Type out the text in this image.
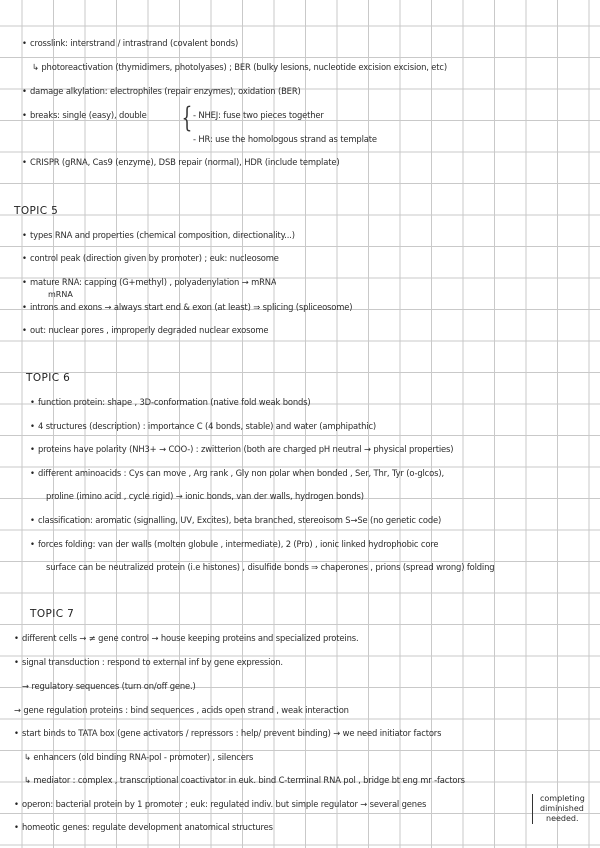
• crosslink: interstrand / intrastrand (covalent bonds)
↳ photoreactivation (thymidimers, photolyases) ; BER (bulky lesions, nucleotide excision excision, etc)
• damage alkylation: electrophiles (repair enzymes), oxidation (BER)
• breaks: single (easy), double { - NHEJ: fuse two pieces together
- HR: use the homologous strand as template
• CRISPR (gRNA, Cas9 (enzyme), DSB repair (normal), HDR (include template)
TOPIC 5
• types RNA and properties (chemical composition, directionality...)
• control peak (direction given by promoter) ; euk: nucleosome
• mature RNA: capping (G+methyl) , polyadenylation → mRNA
mRNA
• introns and exons → always start end & exon (at least) ⇒ splicing (spliceosome)
• out: nuclear pores , improperly degraded nuclear exosome
TOPIC 6
• function protein: shape , 3D-conformation (native fold weak bonds)
• 4 structures (description) : importance C (4 bonds, stable) and water (amphipathic)
• proteins have polarity (NH3+ → COO-) : zwitterion (both are charged pH neutral → physical properties)
• different aminoacids : Cys can move , Arg rank , Gly non polar when bonded , Ser, Thr, Tyr (o-glcos),
proline (imino acid , cycle rigid) → ionic bonds, van der walls, hydrogen bonds)
• classification: aromatic (signalling, UV, Excites), beta branched, stereoisom S→Se (no genetic code)
• forces folding: van der walls (molten globule , intermediate), 2 (Pro) , ionic linked hydrophobic core
surface can be neutralized protein (i.e histones) , disulfide bonds ⇒ chaperones , prions (spread wrong) folding
TOPIC 7
• different cells → ≠ gene control → house keeping proteins and specialized proteins.
• signal transduction : respond to external inf by gene expression.
→ regulatory sequences (turn on/off gene.)
→ gene regulation proteins : bind sequences , acids open strand , weak interaction
• start binds to TATA box (gene activators / repressors : help/ prevent binding) → we need initiator factors
↳ enhancers (old binding RNA-pol - promoter) , silencers
↳ mediator : complex , transcriptional coactivator in euk. bind C-terminal RNA pol , bridge bt eng mr -factors
• operon: bacterial protein by 1 promoter ; euk: regulated indiv. but simple regulator → several genes
completing
diminished
needed.
• homeotic genes: regulate development anatomical structures
